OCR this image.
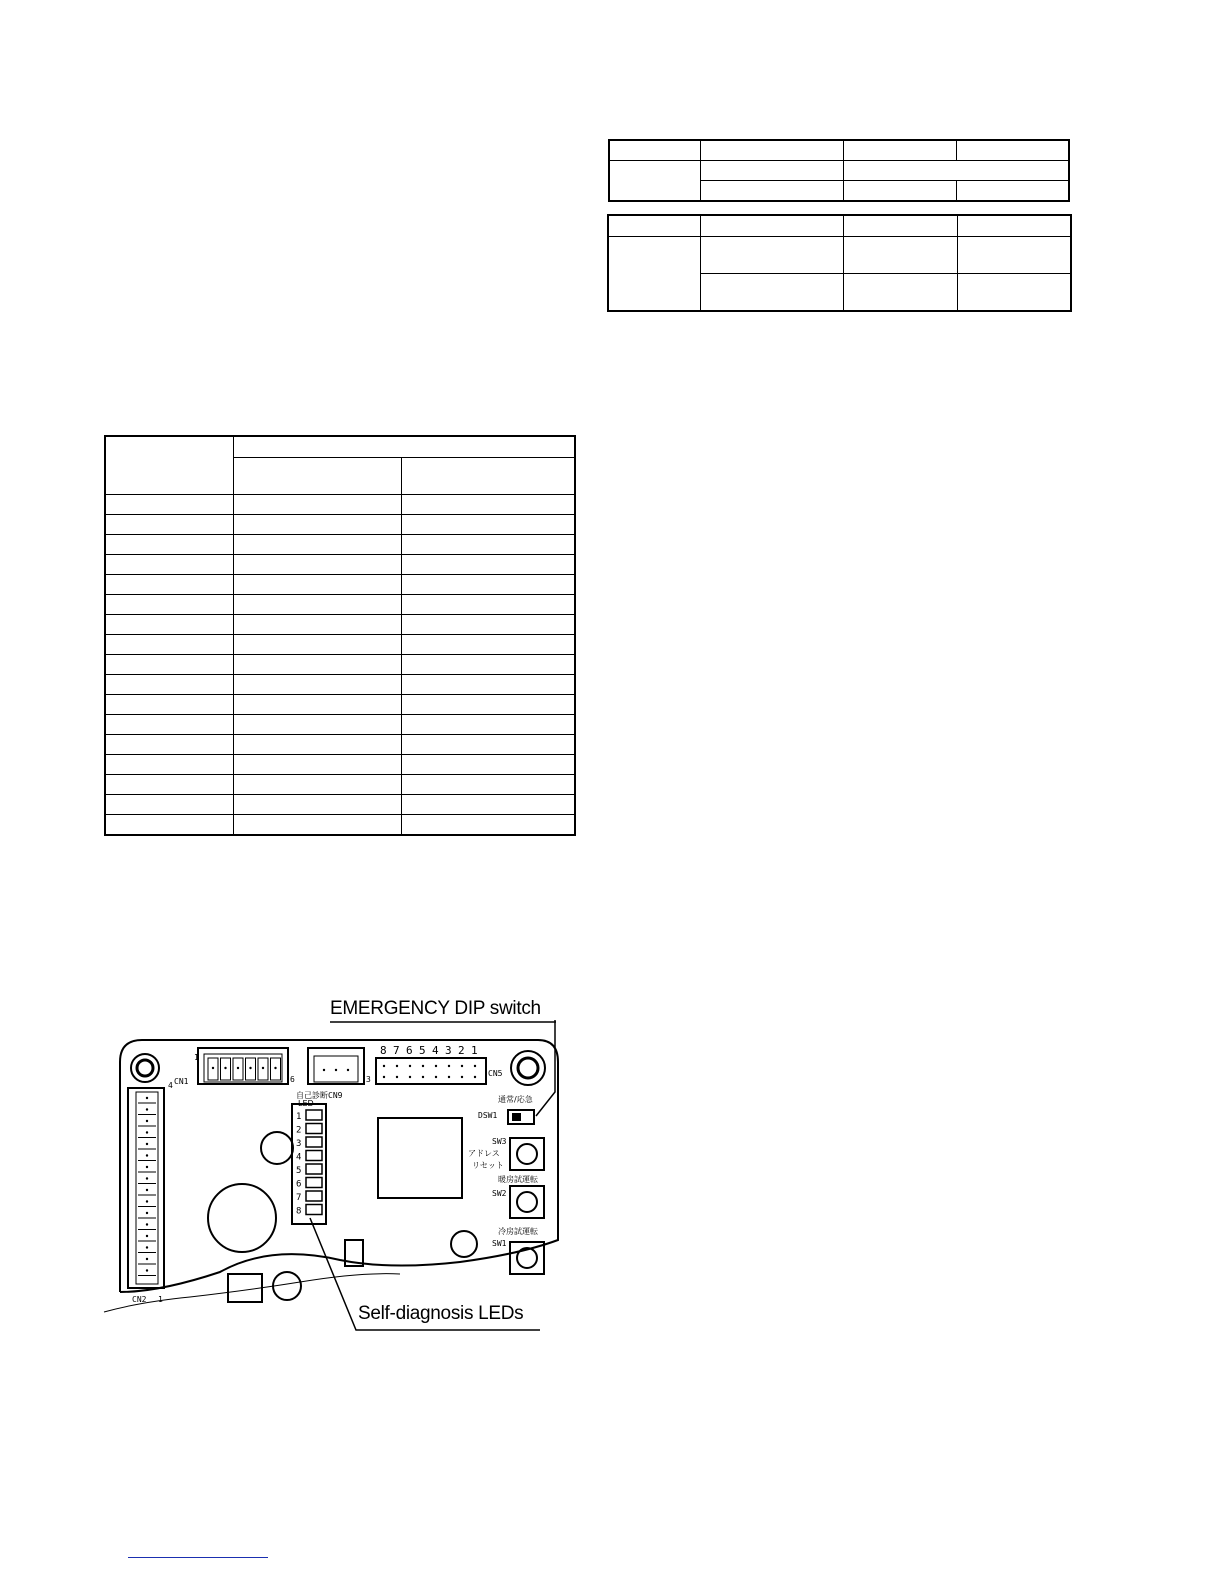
8 7 6 5 4 3 2 1
1
2
3
4
5
6
7
8
CN1
1
6
4
CN2 1
3
CN9
CN5
DSW1
SW3
SW2
SW1
自己診断
LED	通常/応急
アドレス
リセット
暖房試運転
冷房試運転
EMERGENCY DIP switch
Self-diagnosis LEDs
